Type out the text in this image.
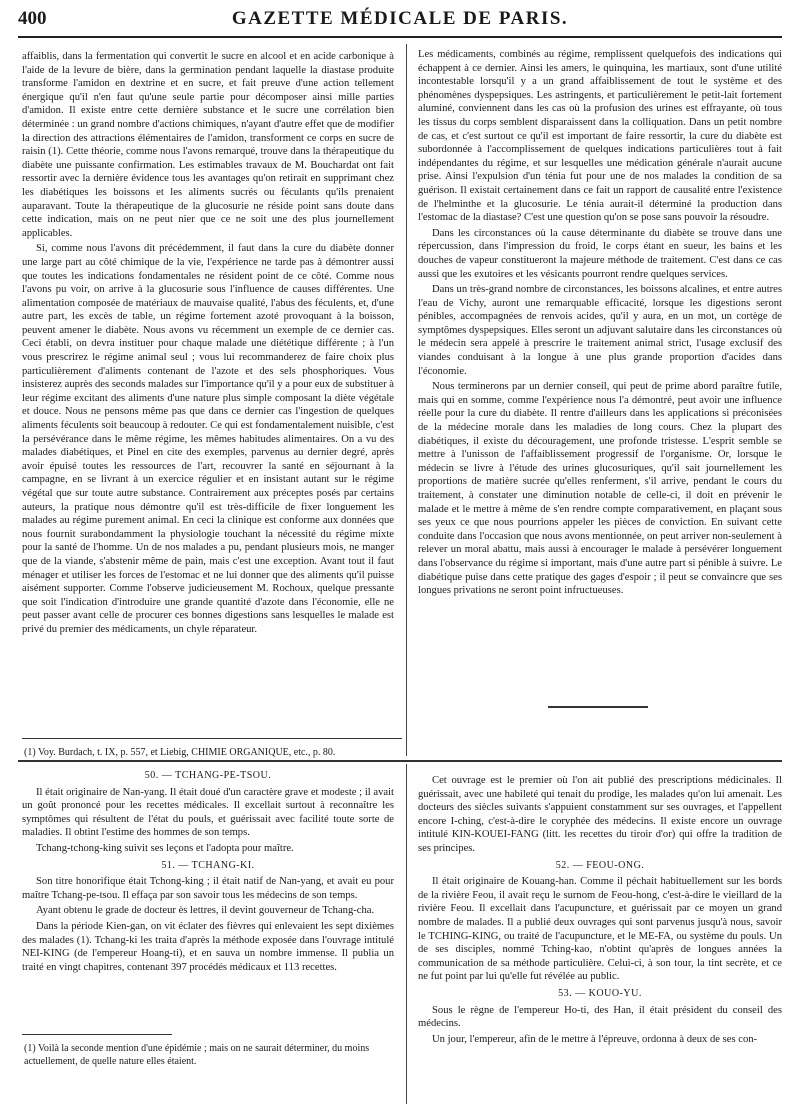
400	GAZETTE MÉDICALE DE PARIS.

affaiblis, dans la fermentation qui convertit le sucre en alcool et en acide carbonique à l'aide de la levure de bière, dans la germination pendant laquelle la diastase produite transforme l'amidon en dextrine et en sucre, et fait preuve d'une action tellement énergique qu'il n'en faut qu'une seule partie pour décomposer ainsi mille parties d'amidon. Il existe entre cette dernière substance et le sucre une corrélation bien déterminée : un grand nombre d'actions chimiques, n'ayant d'autre effet que de modifier la direction des attractions élémentaires de l'amidon, transforment ce corps en sucre de raisin (1). Cette théorie, comme nous l'avons remarqué, trouve dans la thérapeutique du diabète une puissante confirmation. Les estimables travaux de M. Bouchardat ont fait ressortir avec la dernière évidence tous les avantages qu'on retirait en supprimant chez les diabétiques les boissons et les aliments sucrés ou féculants qu'ils prenaient auparavant. Toute la thérapeutique de la glucosurie ne réside point sans doute dans cette indication, mais on ne peut nier que ce ne soit une des plus journellement applicables.

Si, comme nous l'avons dit précédemment, il faut dans la cure du diabète donner une large part au côté chimique de la vie, l'expérience ne tarde pas à démontrer aussi que toutes les indications fondamentales ne résident point de ce côté. Comme nous l'avons pu voir, on arrive à la glucosurie sous l'influence de causes différentes. Une alimentation composée de matériaux de mauvaise qualité, l'abus des féculents, et, d'une autre part, les excès de table, un régime fortement azoté provoquant à la boisson, peuvent amener le diabète. Nous avons vu récemment un exemple de ce dernier cas. Ceci établi, on devra instituer pour chaque malade une diététique différente ; à l'un vous prescrirez le régime animal seul ; vous lui recommanderez de faire choix plus particulièrement d'aliments contenant de l'azote et des sels phosphoriques. Vous insisterez auprès des seconds malades sur l'importance qu'il y a pour eux de substituer à leur régime excitant des aliments d'une nature plus simple composant la diète végétale et douce. Nous ne pensons même pas que dans ce dernier cas l'ingestion de quelques aliments féculents soit beaucoup à redouter. Ce qui est fondamentalement nuisible, c'est la persévérance dans le même régime, les mêmes habitudes alimentaires. On a vu des malades diabétiques, et Pinel en cite des exemples, parvenus au dernier degré, après avoir épuisé toutes les ressources de l'art, recouvrer la santé en séjournant à la campagne, en se livrant à un exercice régulier et en insistant autant sur le régime végétal que sur toute autre substance. Contrairement aux préceptes posés par certains auteurs, la pratique nous démontre qu'il est très-difficile de fixer longuement les malades au régime purement animal. En ceci la clinique est conforme aux données que nous fournit surabondamment la physiologie touchant la nécessité du régime mixte pour la santé de l'homme. Un de nos malades a pu, pendant plusieurs mois, ne manger que de la viande, s'abstenir même de pain, mais c'est une exception. Avant tout il faut ménager et utiliser les forces de l'estomac et ne lui donner que des aliments qu'il puisse aisément supporter. Comme l'observe judicieusement M. Rochoux, quelque pressante que soit l'indication d'introduire une grande quantité d'azote dans l'économie, elle ne peut passer avant celle de procurer ces bonnes digestions sans lesquelles le malade est privé du premier des médicaments, un chyle réparateur.

Les médicaments, combinés au régime, remplissent quelquefois des indications qui échappent à ce dernier. Ainsi les amers, le quinquina, les martiaux, sont d'une utilité incontestable lorsqu'il y a un grand affaiblissement de tout le système et des phénomènes dyspepsiques. Les astringents, et particulièrement le petit-lait fortement aluminé, conviennent dans les cas où la profusion des urines est effrayante, où tous les tissus du corps semblent disparaissent dans la colliquation. Dans un petit nombre de cas, et c'est surtout ce qu'il est important de faire ressortir, la cure du diabète est subordonnée à l'accomplissement de quelques indications particulières tout à fait indépendantes du régime, et sur lesquelles une médication générale n'aurait aucune prise. Ainsi l'expulsion d'un ténia fut pour une de nos malades la condition de sa guérison. Il existait certainement dans ce fait un rapport de causalité entre l'existence de l'helminthe et la glucosurie. Le ténia aurait-il déterminé la production dans l'estomac de la diastase? C'est une question qu'on se pose sans pouvoir la résoudre.

Dans les circonstances où la cause déterminante du diabète se trouve dans une répercussion, dans l'impression du froid, le corps étant en sueur, les bains et les douches de vapeur constitueront la majeure méthode de traitement. C'est dans ce cas aussi que les exutoires et les vésicants pourront rendre quelques services.

Dans un très-grand nombre de circonstances, les boissons alcalines, et entre autres l'eau de Vichy, auront une remarquable efficacité, lorsque les digestions seront pénibles, accompagnées de renvois acides, qu'il y aura, en un mot, un cortège de symptômes dyspepsiques. Elles seront un adjuvant salutaire dans les circonstances où le médecin sera appelé à prescrire le traitement animal strict, l'usage exclusif des viandes conduisant à la longue à une plus grande proportion d'acides dans l'économie.

Nous terminerons par un dernier conseil, qui peut de prime abord paraître futile, mais qui en somme, comme l'expérience nous l'a démontré, peut avoir une influence réelle pour la cure du diabète. Il rentre d'ailleurs dans les applications si préconisées de la médecine morale dans les maladies de long cours. Chez la plupart des diabétiques, il existe du découragement, une profonde tristesse. L'esprit semble se mettre à l'unisson de l'affaiblissement progressif de l'organisme. Or, lorsque le médecin se livre à l'étude des urines glucosuriques, qu'il sait journellement les proportions de matière sucrée qu'elles renferment, s'il arrive, pendant le cours du traitement, à constater une diminution notable de celle-ci, il doit en prévenir le malade et le mettre à même de s'en rendre compte comparativement, en plaçant sous ses yeux ce que nous pourrions appeler les pièces de conviction. En suivant cette conduite dans l'occasion que nous avons mentionnée, on peut arriver non-seulement à relever un moral abattu, mais aussi à encourager le malade à persévérer longuement dans l'observance du régime si important, mais d'une autre part si pénible à suivre. Le diabétique puise dans cette pratique des gages d'espoir ; il peut se convaincre que ses longues privations ne seront point infructueuses.

(1) Voy. Burdach, t. IX, p. 557, et Liebig, CHIMIE ORGANIQUE, etc., p. 80.
50. — TCHANG-PE-TSOU.

Il était originaire de Nan-yang. Il était doué d'un caractère grave et modeste ; il avait un goût prononcé pour les recettes médicales. Il excellait surtout à reconnaître les symptômes qui résultent de l'état du pouls, et guérissait avec facilité toute sorte de maladies. Il obtint l'estime des hommes de son temps.

Tchang-tchong-king suivit ses leçons et l'adopta pour maître.

51. — TCHANG-KI.

Son titre honorifique était Tchong-king ; il était natif de Nan-yang, et avait eu pour maître Tchang-pe-tsou. Il effaça par son savoir tous les médecins de son temps.

Ayant obtenu le grade de docteur ès lettres, il devint gouverneur de Tchang-cha.

Dans la période Kien-gan, on vit éclater des fièvres qui enlevaient les sept dixièmes des malades (1). Tchang-ki les traita d'après la méthode exposée dans l'ouvrage intitulé NEI-KING (de l'empereur Hoang-ti), et en sauva un nombre immense. Il publia un traité en vingt chapitres, contenant 397 procédés médicaux et 113 recettes.

(1) Voilà la seconde mention d'une épidémie ; mais on ne saurait déterminer, du moins actuellement, de quelle nature elles étaient.

Cet ouvrage est le premier où l'on ait publié des prescriptions médicinales. Il guérissait, avec une habileté qui tenait du prodige, les malades qu'on lui amenait. Les docteurs des siècles suivants s'appuient constamment sur ses ouvrages, et l'appellent encore I-ching, c'est-à-dire le coryphée des médecins. Il existe encore un ouvrage intitulé KIN-KOUEI-FANG (litt. les recettes du tiroir d'or) qui offre la tradition de ses principes.

52. — FEOU-ONG.

Il était originaire de Kouang-han. Comme il péchait habituellement sur les bords de la rivière Feou, il avait reçu le surnom de Feou-hong, c'est-à-dire le vieillard de la rivière Feou. Il excellait dans l'acupuncture, et guérissait par ce moyen un grand nombre de malades. Il a publié deux ouvrages qui sont parvenus jusqu'à nous, savoir le TCHING-KING, ou traité de l'acupuncture, et le ME-FA, ou système du pouls. Un de ses disciples, nommé Tching-kao, n'obtint qu'après de longues années la communication de sa méthode particulière. Celui-ci, à son tour, la tint secrète, et ce ne fut point par lui qu'elle fut révélée au public.

53. — KOUO-YU.

Sous le règne de l'empereur Ho-ti, des Han, il était président du conseil des médecins.

Un jour, l'empereur, afin de le mettre à l'épreuve, ordonna à deux de ses con-
